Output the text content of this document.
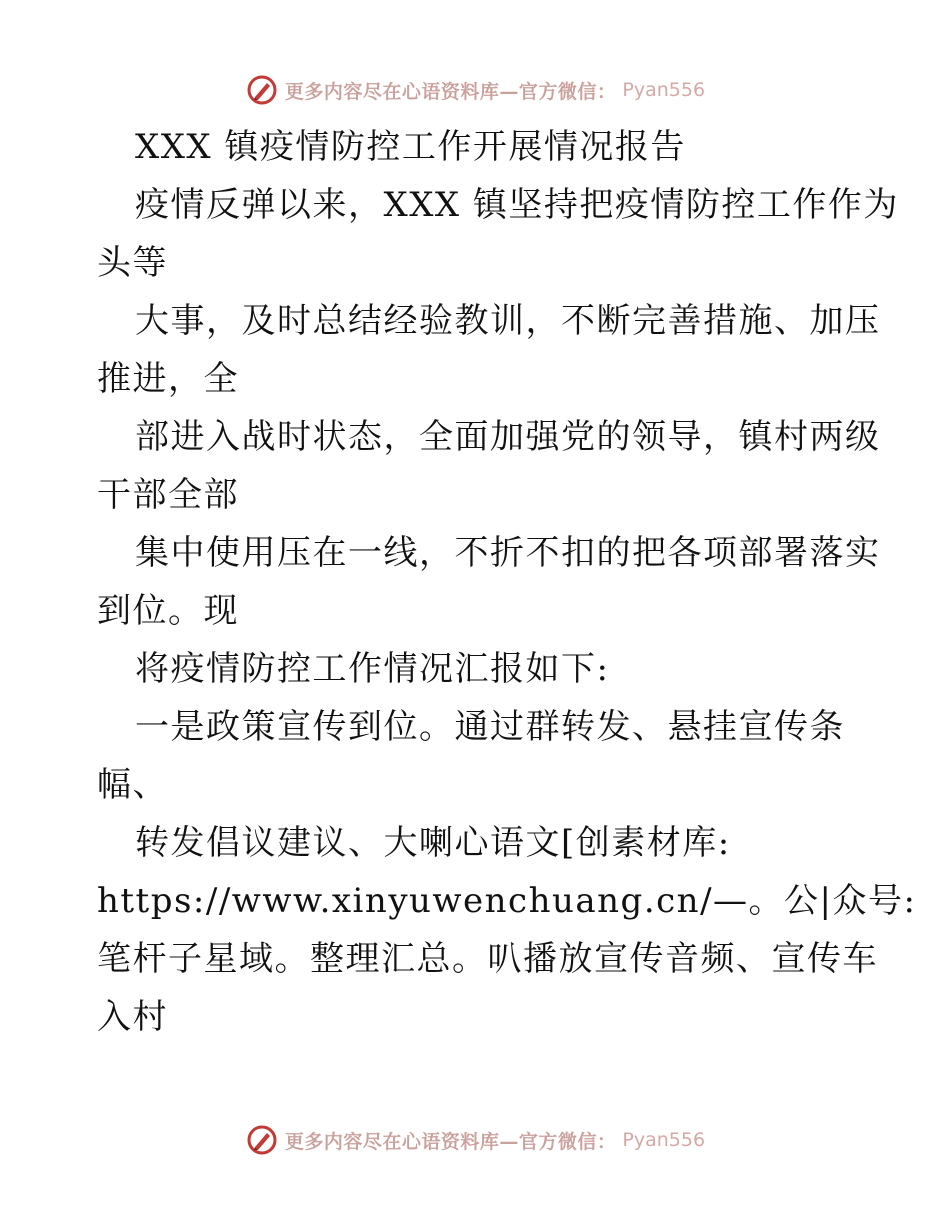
更多内容尽在心语资料库—官方微信： Pyan556
XXX 镇疫情防控工作开展情况报告
疫情反弹以来，XXX 镇坚持把疫情防控工作作为
头等
大事，及时总结经验教训，不断完善措施、加压
推进，全
部进入战时状态，全面加强党的领导，镇村两级
干部全部
集中使用压在一线，不折不扣的把各项部署落实
到位。现
将疫情防控工作情况汇报如下:
一是政策宣传到位。通过群转发、悬挂宣传条
幅、
转发倡议建议、大喇心语文[创素材库:
https://www.xinyuwenchuang.cn/—。公|众号:
笔杆子星域。整理汇总。叭播放宣传音频、宣传车
入村
更多内容尽在心语资料库—官方微信： Pyan556
